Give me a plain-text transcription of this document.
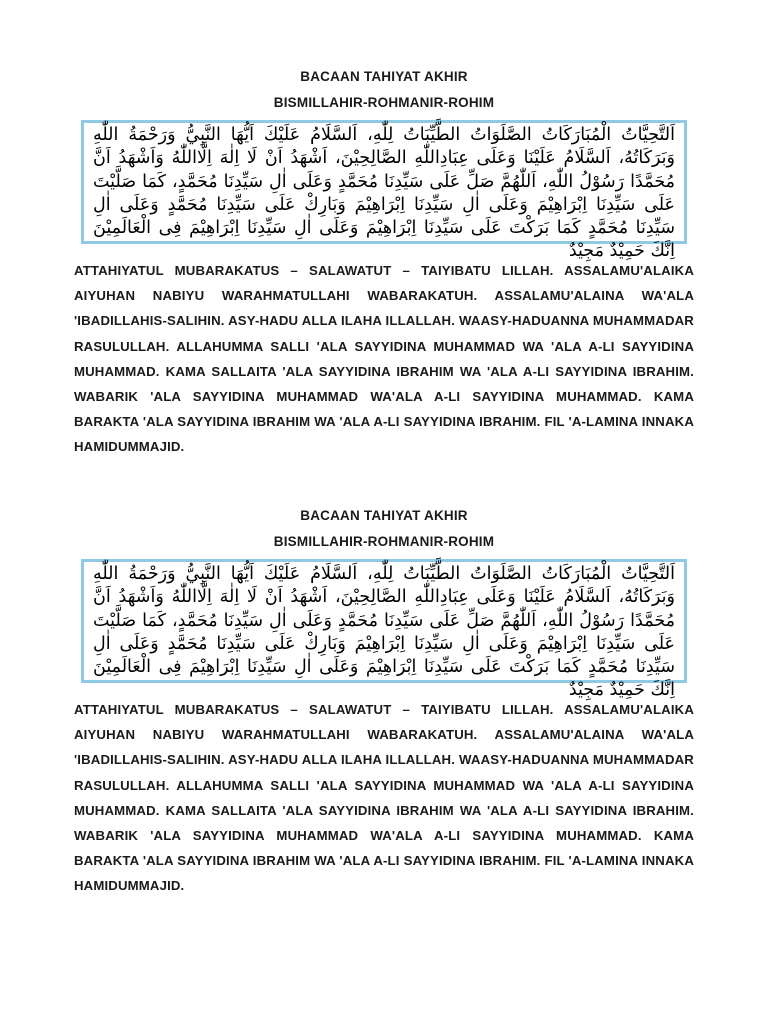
BACAAN TAHIYAT AKHIR

BISMILLAHIR-ROHMANIR-ROHIM

اَلتَّحِيَّاتُ الْمُبَارَكَاتُ الصَّلَوَاتُ الطَّيِّبَاتُ لِلّٰهِ، اَلسَّلَامُ عَلَيْكَ اَيُّهَا النَّبِيُّ وَرَحْمَةُ اللّٰهِ وَبَرَكَاتُهُ، اَلسَّلَامُ عَلَيْنَا وَعَلَى عِبَادِاللّٰهِ الصَّالِحِيْنَ، اَشْهَدُ اَنْ لَا اِلٰهَ اِلَّااللّٰهُ وَاَشْهَدُ اَنَّ مُحَمَّدًا رَسُوْلُ اللّٰهِ، اَللّٰهُمَّ صَلِّ عَلَى سَيِّدِنَا مُحَمَّدٍ وَعَلَى اٰلِ سَيِّدِنَا مُحَمَّدٍ، كَمَا صَلَّيْتَ عَلَى سَيِّدِنَا اِبْرَاهِيْمَ وَعَلَى اٰلِ سَيِّدِنَا اِبْرَاهِيْمَ وَبَارِكْ عَلَى سَيِّدِنَا مُحَمَّدٍ وَعَلَى اٰلِ سَيِّدِنَا مُحَمَّدٍ كَمَا بَرَكْتَ عَلَى سَيِّدِنَا اِبْرَاهِيْمَ وَعَلَى اٰلِ سَيِّدِنَا اِبْرَاهِيْمَ فِى الْعَالَمِيْنَ اِنَّكَ حَمِيْدٌ مَجِيْدٌ

ATTAHIYATUL MUBARAKATUS – SALAWATUT – TAIYIBATU LILLAH. ASSALAMU'ALAIKA AIYUHAN NABIYU WARAHMATULLAHI WABARAKATUH. ASSALAMU'ALAINA WA'ALA 'IBADILLAHIS-SALIHIN. ASY-HADU ALLA ILAHA ILLALLAH. WAASY-HADUANNA MUHAMMADAR RASULULLAH. ALLAHUMMA SALLI 'ALA SAYYIDINA MUHAMMAD WA 'ALA A-LI SAYYIDINA MUHAMMAD. KAMA SALLAITA 'ALA SAYYIDINA IBRAHIM WA 'ALA A-LI SAYYIDINA IBRAHIM. WABARIK 'ALA SAYYIDINA MUHAMMAD WA'ALA A-LI SAYYIDINA MUHAMMAD. KAMA BARAKTA 'ALA SAYYIDINA IBRAHIM WA 'ALA A-LI SAYYIDINA IBRAHIM. FIL 'A-LAMINA INNAKA HAMIDUMMAJID.

BACAAN TAHIYAT AKHIR

BISMILLAHIR-ROHMANIR-ROHIM

اَلتَّحِيَّاتُ الْمُبَارَكَاتُ الصَّلَوَاتُ الطَّيِّبَاتُ لِلّٰهِ، اَلسَّلَامُ عَلَيْكَ اَيُّهَا النَّبِيُّ وَرَحْمَةُ اللّٰهِ وَبَرَكَاتُهُ، اَلسَّلَامُ عَلَيْنَا وَعَلَى عِبَادِاللّٰهِ الصَّالِحِيْنَ، اَشْهَدُ اَنْ لَا اِلٰهَ اِلَّااللّٰهُ وَاَشْهَدُ اَنَّ مُحَمَّدًا رَسُوْلُ اللّٰهِ، اَللّٰهُمَّ صَلِّ عَلَى سَيِّدِنَا مُحَمَّدٍ وَعَلَى اٰلِ سَيِّدِنَا مُحَمَّدٍ، كَمَا صَلَّيْتَ عَلَى سَيِّدِنَا اِبْرَاهِيْمَ وَعَلَى اٰلِ سَيِّدِنَا اِبْرَاهِيْمَ وَبَارِكْ عَلَى سَيِّدِنَا مُحَمَّدٍ وَعَلَى اٰلِ سَيِّدِنَا مُحَمَّدٍ كَمَا بَرَكْتَ عَلَى سَيِّدِنَا اِبْرَاهِيْمَ وَعَلَى اٰلِ سَيِّدِنَا اِبْرَاهِيْمَ فِى الْعَالَمِيْنَ اِنَّكَ حَمِيْدٌ مَجِيْدٌ

ATTAHIYATUL MUBARAKATUS – SALAWATUT – TAIYIBATU LILLAH. ASSALAMU'ALAIKA AIYUHAN NABIYU WARAHMATULLAHI WABARAKATUH. ASSALAMU'ALAINA WA'ALA 'IBADILLAHIS-SALIHIN. ASY-HADU ALLA ILAHA ILLALLAH. WAASY-HADUANNA MUHAMMADAR RASULULLAH. ALLAHUMMA SALLI 'ALA SAYYIDINA MUHAMMAD WA 'ALA A-LI SAYYIDINA MUHAMMAD. KAMA SALLAITA 'ALA SAYYIDINA IBRAHIM WA 'ALA A-LI SAYYIDINA IBRAHIM. WABARIK 'ALA SAYYIDINA MUHAMMAD WA'ALA A-LI SAYYIDINA MUHAMMAD. KAMA BARAKTA 'ALA SAYYIDINA IBRAHIM WA 'ALA A-LI SAYYIDINA IBRAHIM. FIL 'A-LAMINA INNAKA HAMIDUMMAJID.
